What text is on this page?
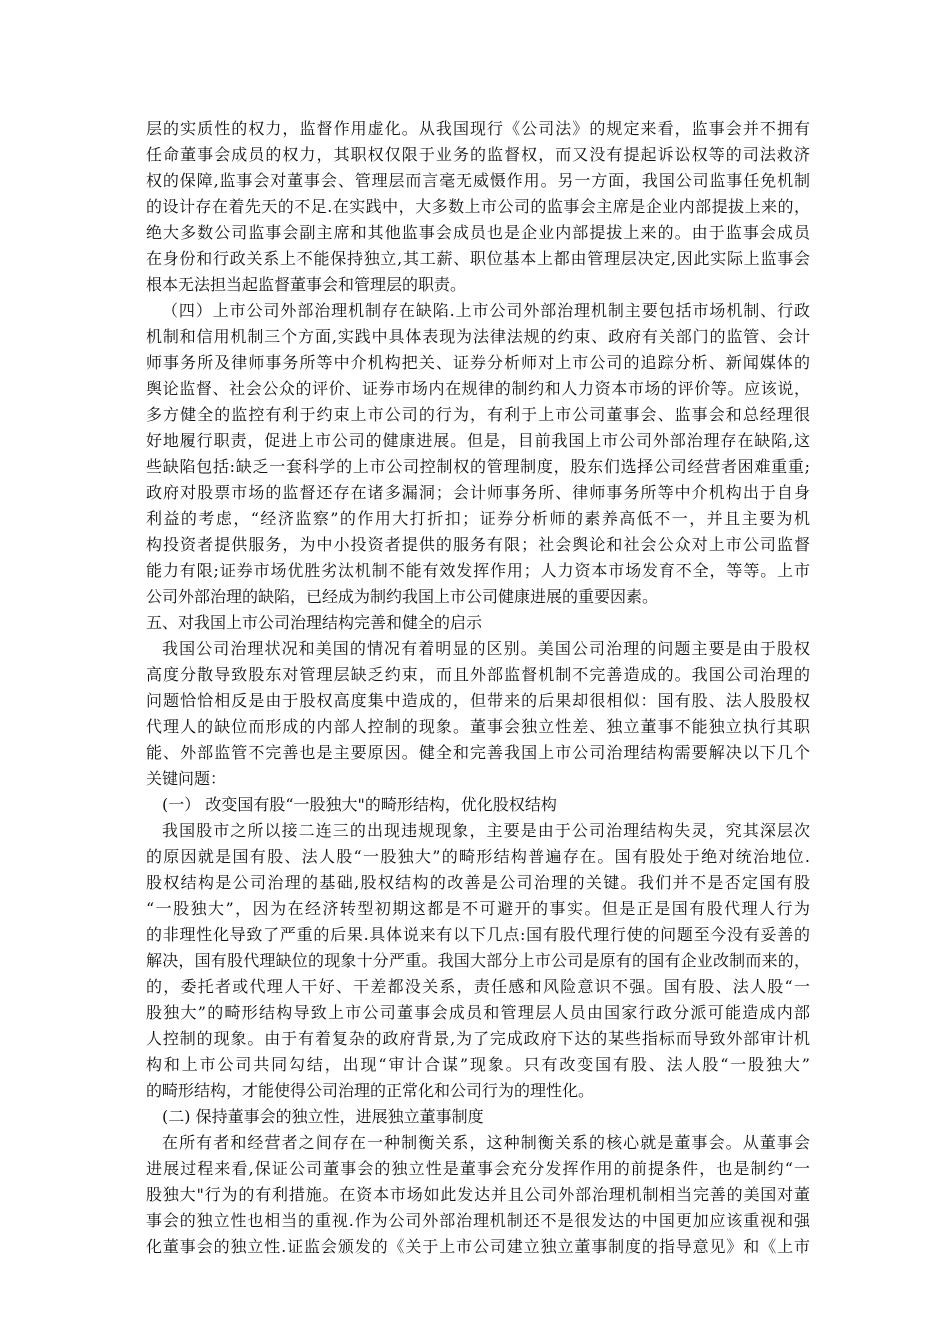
层的实质性的权力，监督作用虚化。从我国现行《公司法》的规定来看，监事会并不拥有
任命董事会成员的权力，其职权仅限于业务的监督权，而又没有提起诉讼权等的司法救济
权的保障,监事会对董事会、管理层而言毫无威慑作用。另一方面，我国公司监事任免机制
的设计存在着先天的不足.在实践中，大多数上市公司的监事会主席是企业内部提拔上来的，
绝大多数公司监事会副主席和其他监事会成员也是企业内部提拔上来的。由于监事会成员
在身份和行政关系上不能保持独立,其工薪、职位基本上都由管理层决定,因此实际上监事会
根本无法担当起监督董事会和管理层的职责。
（四）上市公司外部治理机制存在缺陷.上市公司外部治理机制主要包括市场机制、行政
机制和信用机制三个方面,实践中具体表现为法律法规的约束、政府有关部门的监管、会计
师事务所及律师事务所等中介机构把关、证券分析师对上市公司的追踪分析、新闻媒体的
舆论监督、社会公众的评价、证券市场内在规律的制约和人力资本市场的评价等。应该说，
多方健全的监控有利于约束上市公司的行为，有利于上市公司董事会、监事会和总经理很
好地履行职责，促进上市公司的健康进展。但是，目前我国上市公司外部治理存在缺陷,这
些缺陷包括:缺乏一套科学的上市公司控制权的管理制度，股东们选择公司经营者困难重重;
政府对股票市场的监督还存在诸多漏洞；会计师事务所、律师事务所等中介机构出于自身
利益的考虑，“经济监察”的作用大打折扣；证券分析师的素养高低不一，并且主要为机
构投资者提供服务，为中小投资者提供的服务有限；社会舆论和社会公众对上市公司监督
能力有限;证券市场优胜劣汰机制不能有效发挥作用；人力资本市场发育不全，等等。上市
公司外部治理的缺陷，已经成为制约我国上市公司健康进展的重要因素。
五、对我国上市公司治理结构完善和健全的启示
我国公司治理状况和美国的情况有着明显的区别。美国公司治理的问题主要是由于股权
高度分散导致股东对管理层缺乏约束，而且外部监督机制不完善造成的。我国公司治理的
问题恰恰相反是由于股权高度集中造成的，但带来的后果却很相似：国有股、法人股股权
代理人的缺位而形成的内部人控制的现象。董事会独立性差、独立董事不能独立执行其职
能、外部监管不完善也是主要原因。健全和完善我国上市公司治理结构需要解决以下几个
关键问题：
(一） 改变国有股“一股独大"的畸形结构，优化股权结构
我国股市之所以接二连三的出现违规现象，主要是由于公司治理结构失灵，究其深层次
的原因就是国有股、法人股“一股独大”的畸形结构普遍存在。国有股处于绝对统治地位.
股权结构是公司治理的基础,股权结构的改善是公司治理的关键。我们并不是否定国有股
“一股独大”，因为在经济转型初期这都是不可避开的事实。但是正是国有股代理人行为
的非理性化导致了严重的后果.具体说来有以下几点:国有股代理行使的问题至今没有妥善的
解决，国有股代理缺位的现象十分严重。我国大部分上市公司是原有的国有企业改制而来的，
的，委托者或代理人干好、干差都没关系，责任感和风险意识不强。国有股、法人股“一
股独大”的畸形结构导致上市公司董事会成员和管理层人员由国家行政分派可能造成内部
人控制的现象。由于有着复杂的政府背景,为了完成政府下达的某些指标而导致外部审计机
构和上市公司共同勾结，出现“审计合谋”现象。只有改变国有股、法人股“一股独大”
的畸形结构，才能使得公司治理的正常化和公司行为的理性化。
(二) 保持董事会的独立性，进展独立董事制度
在所有者和经营者之间存在一种制衡关系，这种制衡关系的核心就是董事会。从董事会
进展过程来看,保证公司董事会的独立性是董事会充分发挥作用的前提条件，也是制约“一
股独大"行为的有利措施。在资本市场如此发达并且公司外部治理机制相当完善的美国对董
事会的独立性也相当的重视.作为公司外部治理机制还不是很发达的中国更加应该重视和强
化董事会的独立性.证监会颁发的《关于上市公司建立独立董事制度的指导意见》和《上市
